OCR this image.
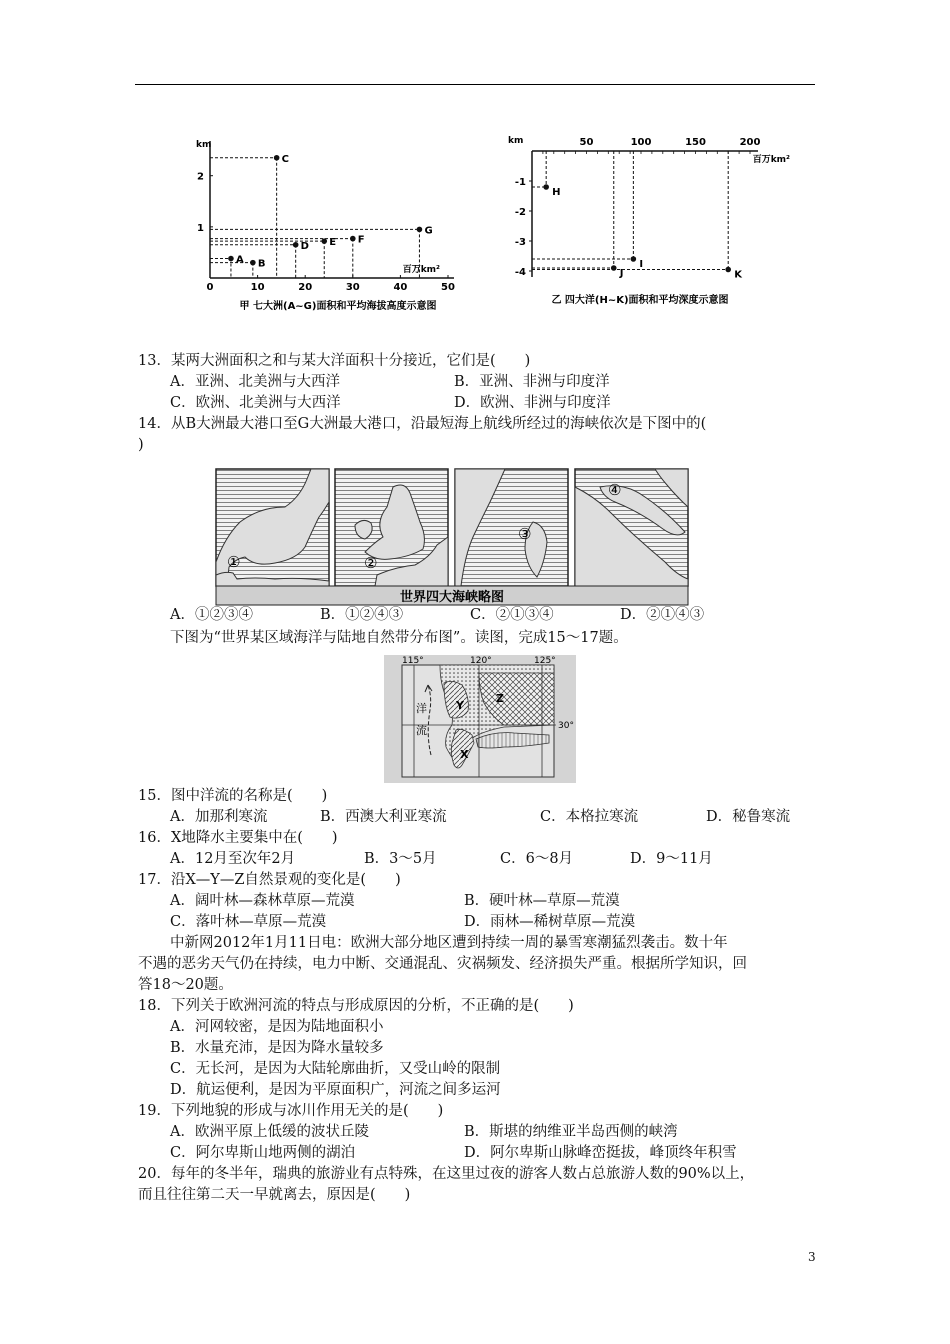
km
0	10	20	30	40	50
1
2
百万km²
A B
C
D E F
G
甲 七大洲(A~G)面积和平均海拔高度示意图
km	50	100	150	200
-1
-2
-3
-4
百万km²
H
I
J	K
乙 四大洋(H~K)面积和平均深度示意图
13．某两大洲面积之和与某大洋面积十分接近，它们是(　　)
A．亚洲、北美洲与大西洋	B．亚洲、非洲与印度洋
C．欧洲、北美洲与大西洋	D．欧洲、非洲与印度洋
14．从B大洲最大港口至G大洲最大港口，沿最短海上航线所经过的海峡依次是下图中的(
)
世界四大海峡略图
①	②
③
④
A．①②③④	B．①②④③	C．②①③④	D．②①④③
下图为“世界某区域海洋与陆地自然带分布图”。读图，完成15～17题。
115°	120°	125°
30°
洋
流
Z
Y
X
15．图中洋流的名称是(　　)
A．加那利寒流	B．西澳大利亚寒流	C．本格拉寒流	D．秘鲁寒流
16．X地降水主要集中在(　　)
A．12月至次年2月	B．3～5月	C．6～8月	D．9～11月
17．沿X—Y—Z自然景观的变化是(　　)
A．阔叶林—森林草原—荒漠	B．硬叶林—草原—荒漠
C．落叶林—草原—荒漠	D．雨林—稀树草原—荒漠
中新网2012年1月11日电：欧洲大部分地区遭到持续一周的暴雪寒潮猛烈袭击。数十年
不遇的恶劣天气仍在持续，电力中断、交通混乱、灾祸频发、经济损失严重。根据所学知识，回
答18～20题。
18．下列关于欧洲河流的特点与形成原因的分析，不正确的是(　　)
A．河网较密，是因为陆地面积小
B．水量充沛，是因为降水量较多
C．无长河，是因为大陆轮廓曲折，又受山岭的限制
D．航运便利，是因为平原面积广，河流之间多运河
19．下列地貌的形成与冰川作用无关的是(　　)
A．欧洲平原上低缓的波状丘陵	B．斯堪的纳维亚半岛西侧的峡湾
C．阿尔卑斯山地两侧的湖泊	D．阿尔卑斯山脉峰峦挺拔，峰顶终年积雪
20．每年的冬半年，瑞典的旅游业有点特殊，在这里过夜的游客人数占总旅游人数的90%以上，
而且往往第二天一早就离去，原因是(　　)
3
